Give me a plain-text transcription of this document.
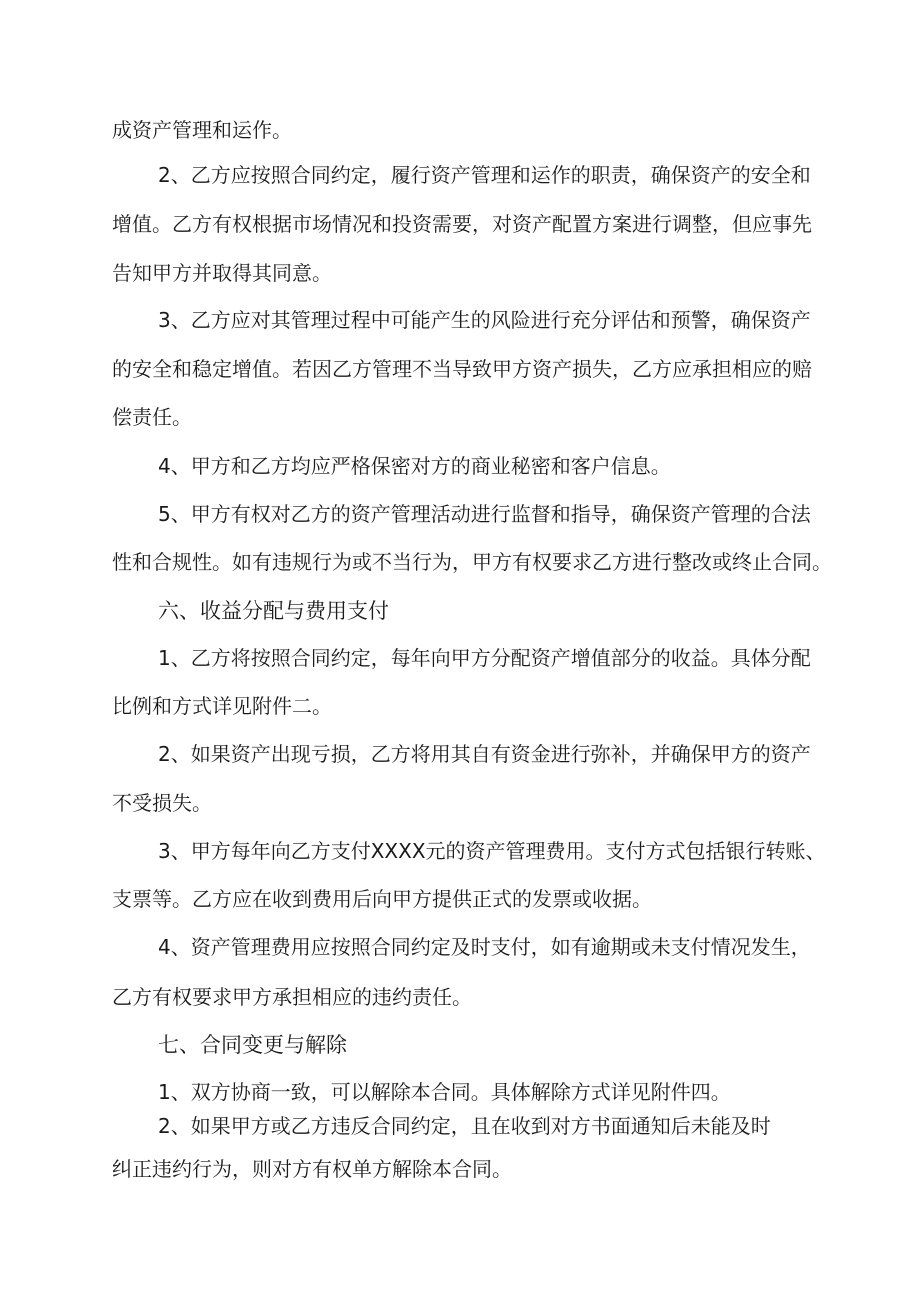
成资产管理和运作。

2、乙方应按照合同约定，履行资产管理和运作的职责，确保资产的安全和

增值。乙方有权根据市场情况和投资需要，对资产配置方案进行调整，但应事先

告知甲方并取得其同意。

3、乙方应对其管理过程中可能产生的风险进行充分评估和预警，确保资产

的安全和稳定增值。若因乙方管理不当导致甲方资产损失，乙方应承担相应的赔

偿责任。

4、甲方和乙方均应严格保密对方的商业秘密和客户信息。

5、甲方有权对乙方的资产管理活动进行监督和指导，确保资产管理的合法

性和合规性。如有违规行为或不当行为，甲方有权要求乙方进行整改或终止合同。

六、收益分配与费用支付

1、乙方将按照合同约定，每年向甲方分配资产增值部分的收益。具体分配

比例和方式详见附件二。

2、如果资产出现亏损，乙方将用其自有资金进行弥补，并确保甲方的资产

不受损失。

3、甲方每年向乙方支付XXXX元的资产管理费用。支付方式包括银行转账、

支票等。乙方应在收到费用后向甲方提供正式的发票或收据。

4、资产管理费用应按照合同约定及时支付，如有逾期或未支付情况发生，

乙方有权要求甲方承担相应的违约责任。

七、合同变更与解除

1、双方协商一致，可以解除本合同。具体解除方式详见附件四。

2、如果甲方或乙方违反合同约定，且在收到对方书面通知后未能及时

纠正违约行为，则对方有权单方解除本合同。
